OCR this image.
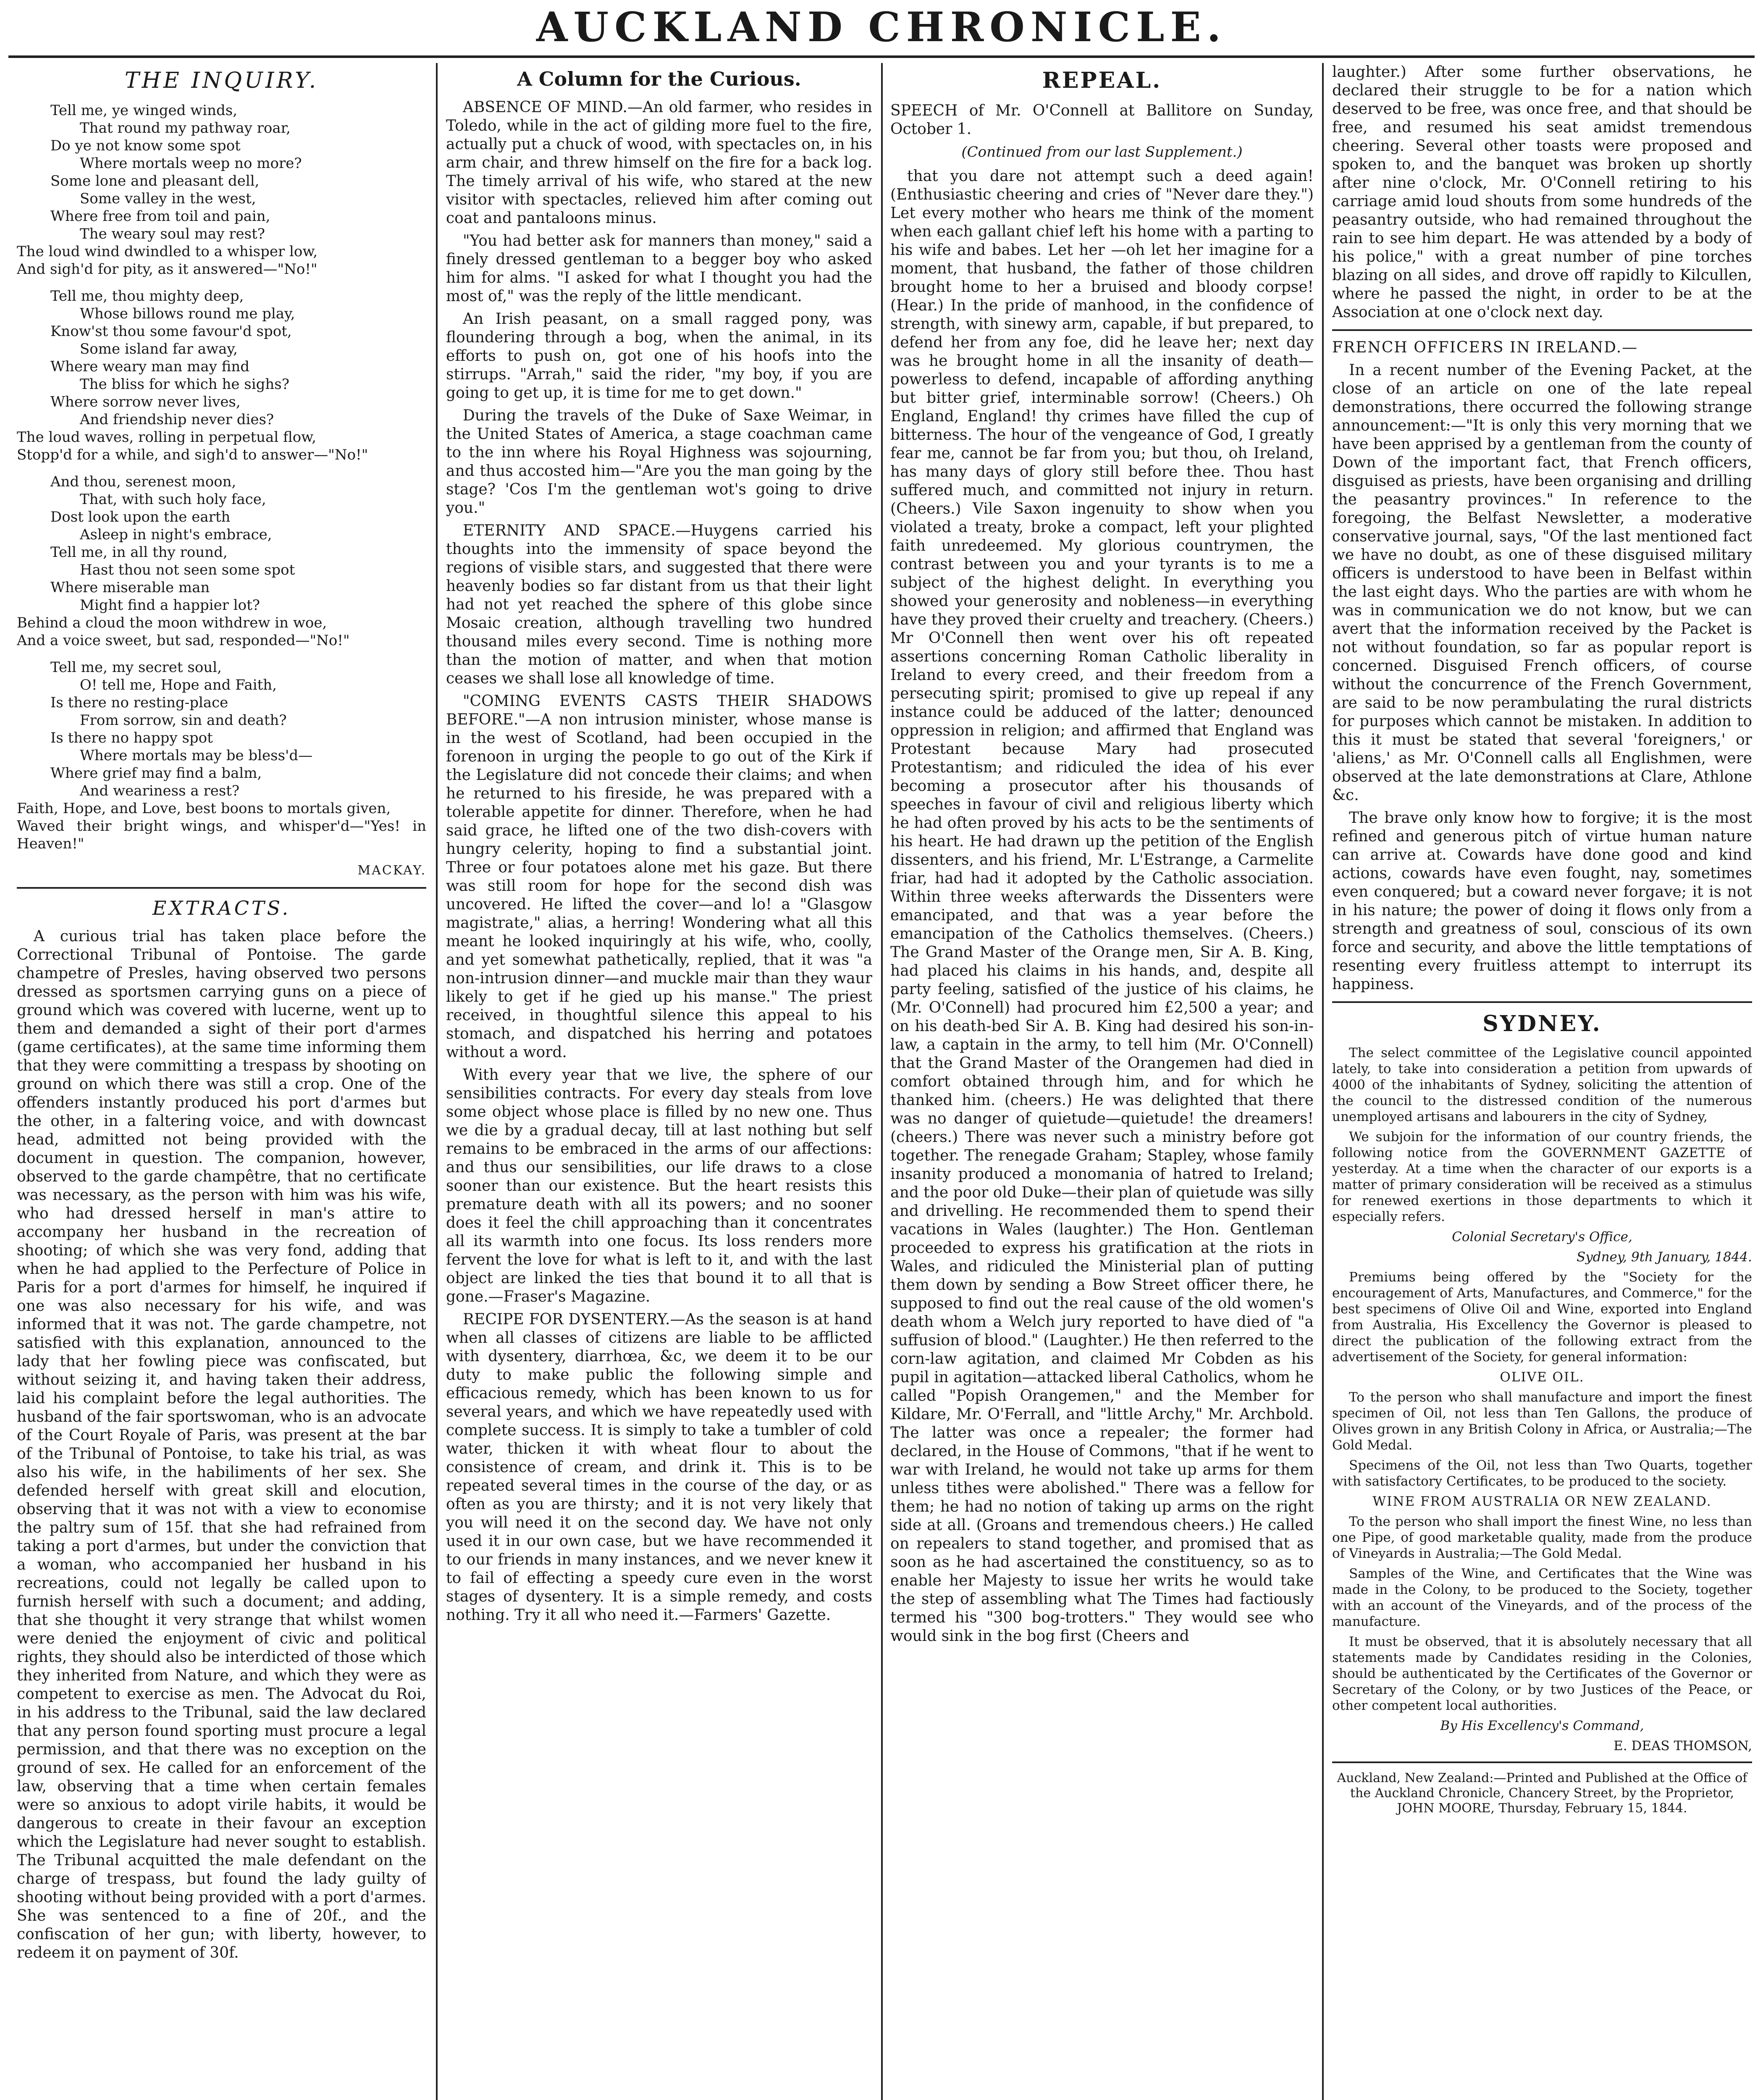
AUCKLAND CHRONICLE.
THE INQUIRY.
Tell me, ye winged winds,
That round my pathway roar,
Do ye not know some spot
Where mortals weep no more?
Some lone and pleasant dell,
Some valley in the west,
Where free from toil and pain,
The weary soul may rest?
The loud wind dwindled to a whisper low,
And sigh'd for pity, as it answered—"No!"
Tell me, thou mighty deep,
Whose billows round me play,
Know'st thou some favour'd spot,
Some island far away,
Where weary man may find
The bliss for which he sighs?
Where sorrow never lives,
And friendship never dies?
The loud waves, rolling in perpetual flow,
Stopp'd for a while, and sigh'd to answer—"No!"
And thou, serenest moon,
That, with such holy face,
Dost look upon the earth
Asleep in night's embrace,
Tell me, in all thy round,
Hast thou not seen some spot
Where miserable man
Might find a happier lot?
Behind a cloud the moon withdrew in woe,
And a voice sweet, but sad, responded—"No!"
Tell me, my secret soul,
O! tell me, Hope and Faith,
Is there no resting-place
From sorrow, sin and death?
Is there no happy spot
Where mortals may be bless'd—
Where grief may find a balm,
And weariness a rest?
Faith, Hope, and Love, best boons to mortals given,
Waved their bright wings, and whisper'd—"Yes! in Heaven!"
MACKAY.
EXTRACTS.

A curious trial has taken place before the Correctional Tribunal of Pontoise. The garde champetre of Presles, having observed two persons dressed as sportsmen carrying guns on a piece of ground which was covered with lucerne, went up to them and demanded a sight of their port d'armes (game certificates), at the same time informing them that they were committing a trespass by shooting on ground on which there was still a crop. One of the offenders instantly produced his port d'armes but the other, in a faltering voice, and with downcast head, admitted not being provided with the document in question. The companion, however, observed to the garde champêtre, that no certificate was necessary, as the person with him was his wife, who had dressed herself in man's attire to accompany her husband in the recreation of shooting; of which she was very fond, adding that when he had applied to the Perfecture of Police in Paris for a port d'armes for himself, he inquired if one was also necessary for his wife, and was informed that it was not. The garde champetre, not satisfied with this explanation, announced to the lady that her fowling piece was confiscated, but without seizing it, and having taken their address, laid his complaint before the legal authorities. The husband of the fair sportswoman, who is an advocate of the Court Royale of Paris, was present at the bar of the Tribunal of Pontoise, to take his trial, as was also his wife, in the habiliments of her sex. She defended herself with great skill and elocution, observing that it was not with a view to economise the paltry sum of 15f. that she had refrained from taking a port d'armes, but under the conviction that a woman, who accompanied her husband in his recreations, could not legally be called upon to furnish herself with such a document; and adding, that she thought it very strange that whilst women were denied the enjoyment of civic and political rights, they should also be interdicted of those which they inherited from Nature, and which they were as competent to exercise as men. The Advocat du Roi, in his address to the Tribunal, said the law declared that any person found sporting must procure a legal permission, and that there was no exception on the ground of sex. He called for an enforcement of the law, observing that a time when certain females were so anxious to adopt virile habits, it would be dangerous to create in their favour an exception which the Legislature had never sought to establish. The Tribunal acquitted the male defendant on the charge of trespass, but found the lady guilty of shooting without being provided with a port d'armes. She was sentenced to a fine of 20f., and the confiscation of her gun; with liberty, however, to redeem it on payment of 30f.

A Column for the Curious.

ABSENCE OF MIND.—An old farmer, who resides in Toledo, while in the act of gilding more fuel to the fire, actually put a chuck of wood, with spectacles on, in his arm chair, and threw himself on the fire for a back log. The timely arrival of his wife, who stared at the new visitor with spectacles, relieved him after coming out coat and pantaloons minus.

"You had better ask for manners than money," said a finely dressed gentleman to a begger boy who asked him for alms. "I asked for what I thought you had the most of," was the reply of the little mendicant.

An Irish peasant, on a small ragged pony, was floundering through a bog, when the animal, in its efforts to push on, got one of his hoofs into the stirrups. "Arrah," said the rider, "my boy, if you are going to get up, it is time for me to get down."

During the travels of the Duke of Saxe Weimar, in the United States of America, a stage coachman came to the inn where his Royal Highness was sojourning, and thus accosted him—"Are you the man going by the stage? 'Cos I'm the gentleman wot's going to drive you."

ETERNITY AND SPACE.—Huygens carried his thoughts into the immensity of space beyond the regions of visible stars, and suggested that there were heavenly bodies so far distant from us that their light had not yet reached the sphere of this globe since Mosaic creation, although travelling two hundred thousand miles every second. Time is nothing more than the motion of matter, and when that motion ceases we shall lose all knowledge of time.

"COMING EVENTS CASTS THEIR SHADOWS BEFORE."—A non intrusion minister, whose manse is in the west of Scotland, had been occupied in the forenoon in urging the people to go out of the Kirk if the Legislature did not concede their claims; and when he returned to his fireside, he was prepared with a tolerable appetite for dinner. Therefore, when he had said grace, he lifted one of the two dish-covers with hungry celerity, hoping to find a substantial joint. Three or four potatoes alone met his gaze. But there was still room for hope for the second dish was uncovered. He lifted the cover—and lo! a "Glasgow magistrate," alias, a herring! Wondering what all this meant he looked inquiringly at his wife, who, coolly, and yet somewhat pathetically, replied, that it was "a non-intrusion dinner—and muckle mair than they waur likely to get if he gied up his manse." The priest received, in thoughtful silence this appeal to his stomach, and dispatched his herring and potatoes without a word.

With every year that we live, the sphere of our sensibilities contracts. For every day steals from love some object whose place is filled by no new one. Thus we die by a gradual decay, till at last nothing but self remains to be embraced in the arms of our affections: and thus our sensibilities, our life draws to a close sooner than our existence. But the heart resists this premature death with all its powers; and no sooner does it feel the chill approaching than it concentrates all its warmth into one focus. Its loss renders more fervent the love for what is left to it, and with the last object are linked the ties that bound it to all that is gone.—Fraser's Magazine.

RECIPE FOR DYSENTERY.—As the season is at hand when all classes of citizens are liable to be afflicted with dysentery, diarrhœa, &c, we deem it to be our duty to make public the following simple and efficacious remedy, which has been known to us for several years, and which we have repeatedly used with complete success. It is simply to take a tumbler of cold water, thicken it with wheat flour to about the consistence of cream, and drink it. This is to be repeated several times in the course of the day, or as often as you are thirsty; and it is not very likely that you will need it on the second day. We have not only used it in our own case, but we have recommended it to our friends in many instances, and we never knew it to fail of effecting a speedy cure even in the worst stages of dysentery. It is a simple remedy, and costs nothing. Try it all who need it.—Farmers' Gazette.

REPEAL.

SPEECH of Mr. O'Connell at Ballitore on Sunday, October 1.

(Continued from our last Supplement.)

that you dare not attempt such a deed again! (Enthusiastic cheering and cries of "Never dare they.") Let every mother who hears me think of the moment when each gallant chief left his home with a parting to his wife and babes. Let her —oh let her imagine for a moment, that husband, the father of those children brought home to her a bruised and bloody corpse! (Hear.) In the pride of manhood, in the confidence of strength, with sinewy arm, capable, if but prepared, to defend her from any foe, did he leave her; next day was he brought home in all the insanity of death—powerless to defend, incapable of affording anything but bitter grief, interminable sorrow! (Cheers.) Oh England, England! thy crimes have filled the cup of bitterness. The hour of the vengeance of God, I greatly fear me, cannot be far from you; but thou, oh Ireland, has many days of glory still before thee. Thou hast suffered much, and committed not injury in return. (Cheers.) Vile Saxon ingenuity to show when you violated a treaty, broke a compact, left your plighted faith unredeemed. My glorious countrymen, the contrast between you and your tyrants is to me a subject of the highest delight. In everything you showed your generosity and nobleness—in everything have they proved their cruelty and treachery. (Cheers.) Mr O'Connell then went over his oft repeated assertions concerning Roman Catholic liberality in Ireland to every creed, and their freedom from a persecuting spirit; promised to give up repeal if any instance could be adduced of the latter; denounced oppression in religion; and affirmed that England was Protestant because Mary had prosecuted Protestantism; and ridiculed the idea of his ever becoming a prosecutor after his thousands of speeches in favour of civil and religious liberty which he had often proved by his acts to be the sentiments of his heart. He had drawn up the petition of the English dissenters, and his friend, Mr. L'Estrange, a Carmelite friar, had had it adopted by the Catholic association. Within three weeks afterwards the Dissenters were emancipated, and that was a year before the emancipation of the Catholics themselves. (Cheers.) The Grand Master of the Orange men, Sir A. B. King, had placed his claims in his hands, and, despite all party feeling, satisfied of the justice of his claims, he (Mr. O'Connell) had procured him £2,500 a year; and on his death-bed Sir A. B. King had desired his son-in-law, a captain in the army, to tell him (Mr. O'Connell) that the Grand Master of the Orangemen had died in comfort obtained through him, and for which he thanked him. (cheers.) He was delighted that there was no danger of quietude—quietude! the dreamers! (cheers.) There was never such a ministry before got together. The renegade Graham; Stapley, whose family insanity produced a monomania of hatred to Ireland; and the poor old Duke—their plan of quietude was silly and drivelling. He recommended them to spend their vacations in Wales (laughter.) The Hon. Gentleman proceeded to express his gratification at the riots in Wales, and ridiculed the Ministerial plan of putting them down by sending a Bow Street officer there, he supposed to find out the real cause of the old women's death whom a Welch jury reported to have died of "a suffusion of blood." (Laughter.) He then referred to the corn-law agitation, and claimed Mr Cobden as his pupil in agitation—attacked liberal Catholics, whom he called "Popish Orangemen," and the Member for Kildare, Mr. O'Ferrall, and "little Archy," Mr. Archbold. The latter was once a repealer; the former had declared, in the House of Commons, "that if he went to war with Ireland, he would not take up arms for them unless tithes were abolished." There was a fellow for them; he had no notion of taking up arms on the right side at all. (Groans and tremendous cheers.) He called on repealers to stand together, and promised that as soon as he had ascertained the constituency, so as to enable her Majesty to issue her writs he would take the step of assembling what The Times had factiously termed his "300 bog-trotters." They would see who would sink in the bog first (Cheers and

laughter.) After some further observations, he declared their struggle to be for a nation which deserved to be free, was once free, and that should be free, and resumed his seat amidst tremendous cheering. Several other toasts were proposed and spoken to, and the banquet was broken up shortly after nine o'clock, Mr. O'Connell retiring to his carriage amid loud shouts from some hundreds of the peasantry outside, who had remained throughout the rain to see him depart. He was attended by a body of his police," with a great number of pine torches blazing on all sides, and drove off rapidly to Kilcullen, where he passed the night, in order to be at the Association at one o'clock next day.

FRENCH OFFICERS IN IRELAND.—

In a recent number of the Evening Packet, at the close of an article on one of the late repeal demonstrations, there occurred the following strange announcement:—"It is only this very morning that we have been apprised by a gentleman from the county of Down of the important fact, that French officers, disguised as priests, have been organising and drilling the peasantry provinces." In reference to the foregoing, the Belfast Newsletter, a moderative conservative journal, says, "Of the last mentioned fact we have no doubt, as one of these disguised military officers is understood to have been in Belfast within the last eight days. Who the parties are with whom he was in communication we do not know, but we can avert that the information received by the Packet is not without foundation, so far as popular report is concerned. Disguised French officers, of course without the concurrence of the French Government, are said to be now perambulating the rural districts for purposes which cannot be mistaken. In addition to this it must be stated that several 'foreigners,' or 'aliens,' as Mr. O'Connell calls all Englishmen, were observed at the late demonstrations at Clare, Athlone &c.

The brave only know how to forgive; it is the most refined and generous pitch of virtue human nature can arrive at. Cowards have done good and kind actions, cowards have even fought, nay, sometimes even conquered; but a coward never forgave; it is not in his nature; the power of doing it flows only from a strength and greatness of soul, conscious of its own force and security, and above the little temptations of resenting every fruitless attempt to interrupt its happiness.

SYDNEY.

The select committee of the Legislative council appointed lately, to take into consideration a petition from upwards of 4000 of the inhabitants of Sydney, soliciting the attention of the council to the distressed condition of the numerous unemployed artisans and labourers in the city of Sydney,

We subjoin for the information of our country friends, the following notice from the GOVERNMENT GAZETTE of yesterday. At a time when the character of our exports is a matter of primary consideration will be received as a stimulus for renewed exertions in those departments to which it especially refers.

Colonial Secretary's Office,

Sydney, 9th January, 1844.

Premiums being offered by the "Society for the encouragement of Arts, Manufactures, and Commerce," for the best specimens of Olive Oil and Wine, exported into England from Australia, His Excellency the Governor is pleased to direct the publication of the following extract from the advertisement of the Society, for general information:

OLIVE OIL.

To the person who shall manufacture and import the finest specimen of Oil, not less than Ten Gallons, the produce of Olives grown in any British Colony in Africa, or Australia;—The Gold Medal.

Specimens of the Oil, not less than Two Quarts, together with satisfactory Certificates, to be produced to the society.

WINE FROM AUSTRALIA OR NEW ZEALAND.

To the person who shall import the finest Wine, no less than one Pipe, of good marketable quality, made from the produce of Vineyards in Australia;—The Gold Medal.

Samples of the Wine, and Certificates that the Wine was made in the Colony, to be produced to the Society, together with an account of the Vineyards, and of the process of the manufacture.

It must be observed, that it is absolutely necessary that all statements made by Candidates residing in the Colonies, should be authenticated by the Certificates of the Governor or Secretary of the Colony, or by two Justices of the Peace, or other competent local authorities.

By His Excellency's Command,

E. DEAS THOMSON,

Auckland, New Zealand:—Printed and Published at the Office of the Auckland Chronicle, Chancery Street, by the Proprietor, JOHN MOORE, Thursday, February 15, 1844.
